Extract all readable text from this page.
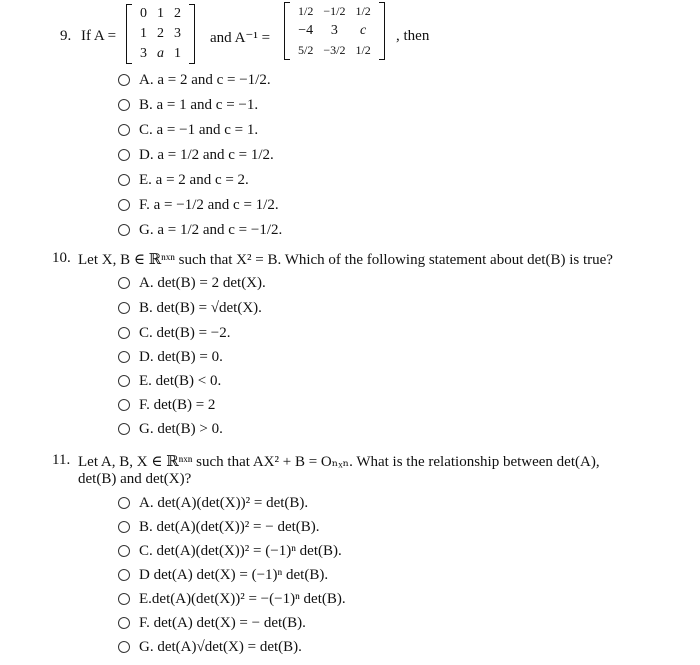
9. If A =
0	1	2
1	2	3
3	a	1
and A⁻¹ =
1/2	−1/2	1/2
−4	3	c
5/2	−3/2	1/2
, then
A. a = 2 and c = −1/2.
B. a = 1 and c = −1.
C. a = −1 and c = 1.
D. a = 1/2 and c = 1/2.
E. a = 2 and c = 2.
F. a = −1/2 and c = 1/2.
G. a = 1/2 and c = −1/2.
10. Let X, B ∈ ℝⁿˣⁿ such that X² = B. Which of the following statement about det(B) is true?
A. det(B) = 2 det(X).
B. det(B) = √det(X).
C. det(B) = −2.
D. det(B) = 0.
E. det(B) < 0.
F. det(B) = 2
G. det(B) > 0.
11. Let A, B, X ∈ ℝⁿˣⁿ such that AX² + B = Oₙₓₙ. What is the relationship between det(A),
det(B) and det(X)?
A. det(A)(det(X))² = det(B).
B. det(A)(det(X))² = − det(B).
C. det(A)(det(X))² = (−1)ⁿ det(B).
D det(A) det(X) = (−1)ⁿ det(B).
E.det(A)(det(X))² = −(−1)ⁿ det(B).
F. det(A) det(X) = − det(B).
G. det(A)√det(X) = det(B).
